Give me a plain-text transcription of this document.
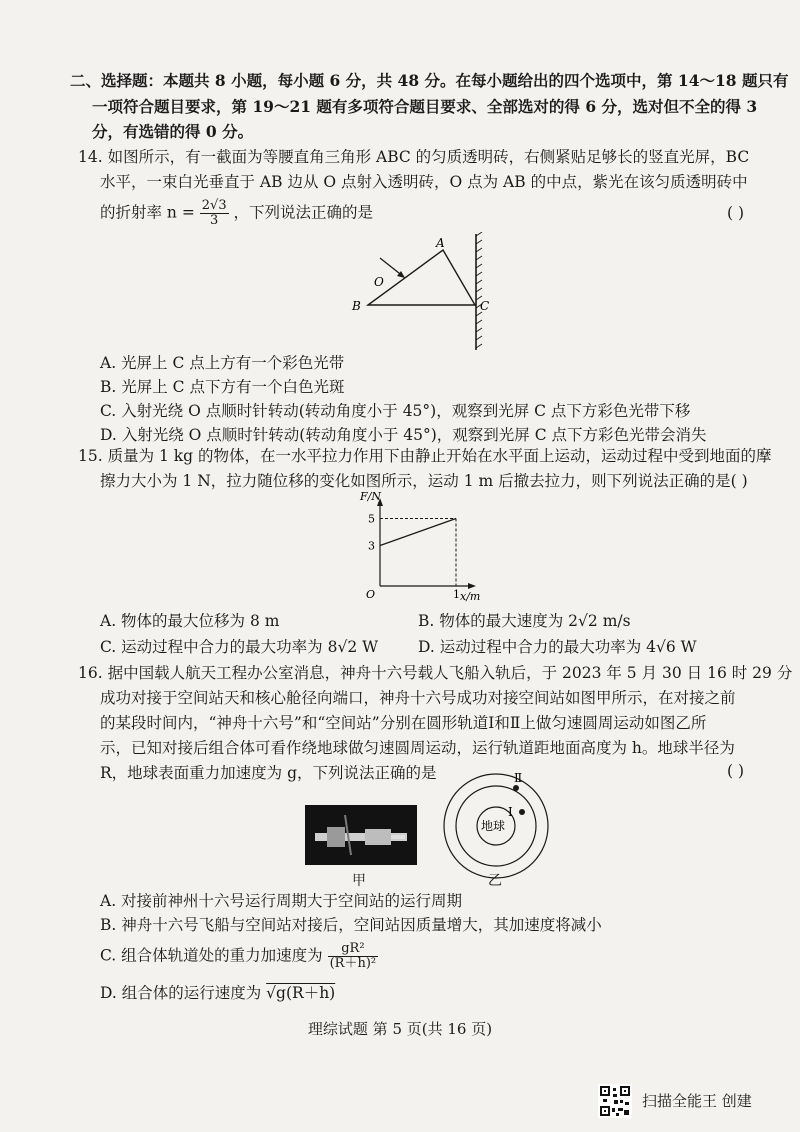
二、选择题：本题共 8 小题，每小题 6 分，共 48 分。在每小题给出的四个选项中，第 14～18 题只有
一项符合题目要求，第 19～21 题有多项符合题目要求、全部选对的得 6 分，选对但不全的得 3
分，有选错的得 0 分。
14. 如图所示，有一截面为等腰直角三角形 ABC 的匀质透明砖，右侧紧贴足够长的竖直光屏，BC
水平，一束白光垂直于 AB 边从 O 点射入透明砖，O 点为 AB 的中点，紫光在该匀质透明砖中
的折射率 $n = \frac{2√3}{3}$ ，下列说法正确的是	( )
A
B	C
O
A. 光屏上 C 点上方有一个彩色光带
B. 光屏上 C 点下方有一个白色光斑
C. 入射光绕 O 点顺时针转动(转动角度小于 45°)，观察到光屏 C 点下方彩色光带下移
D. 入射光绕 O 点顺时针转动(转动角度小于 45°)，观察到光屏 C 点下方彩色光带会消失
15. 质量为 1 kg 的物体，在一水平拉力作用下由静止开始在水平面上运动，运动过程中受到地面的摩
擦力大小为 1 N，拉力随位移的变化如图所示，运动 1 m 后撤去拉力，则下列说法正确的是( )
F/N
x/m
O
5
3
1
A. 物体的最大位移为 8 m	B. 物体的最大速度为 2√2 m/s
C. 运动过程中合力的最大功率为 8√2 W	D. 运动过程中合力的最大功率为 4√6 W
16. 据中国载人航天工程办公室消息，神舟十六号载人飞船入轨后，于 2023 年 5 月 30 日 16 时 29 分
成功对接于空间站天和核心舱径向端口，神舟十六号成功对接空间站如图甲所示，在对接之前
的某段时间内，“神舟十六号”和“空间站”分别在圆形轨道Ⅰ和Ⅱ上做匀速圆周运动如图乙所
示，已知对接后组合体可看作绕地球做匀速圆周运动，运行轨道距地面高度为 h。地球半径为
R，地球表面重力加速度为 g，下列说法正确的是	( )
甲
地球
Ⅱ
Ⅰ
乙
A. 对接前神州十六号运行周期大于空间站的运行周期
B. 神舟十六号飞船与空间站对接后，空间站因质量增大，其加速度将减小
C. 组合体轨道处的重力加速度为 $\frac{\text{gR²}}{\text{(R＋h)²}}$
D. 组合体的运行速度为 √g(R＋h)
理综试题 第 5 页(共 16 页)
扫描全能王 创建
